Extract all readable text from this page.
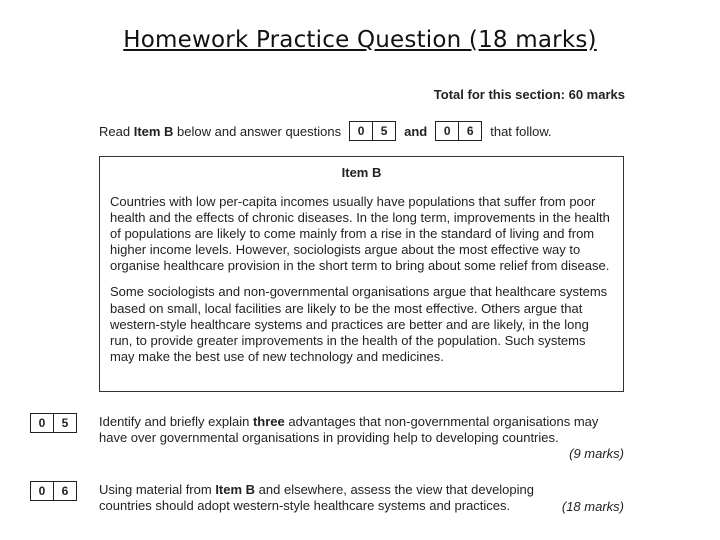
Homework Practice Question (18 marks)
Total for this section: 60 marks
Read Item B below and answer questions	0	5	and	0	6	that follow.
Item B

Countries with low per-capita incomes usually have populations that suffer from poor health and the effects of chronic diseases. In the long term, improvements in the health of populations are likely to come mainly from a rise in the standard of living and from higher income levels. However, sociologists argue about the most effective way to organise healthcare provision in the short term to bring about some relief from disease.

Some sociologists and non-governmental organisations argue that healthcare systems based on small, local facilities are likely to be the most effective. Others argue that western-style healthcare systems and practices are better and are likely, in the long run, to provide greater improvements in the health of the population. Such systems may make the best use of new technology and medicines.

0	5	Identify and briefly explain three advantages that non-governmental organisations may have over governmental organisations in providing help to developing countries.
(9 marks)
0	6	Using material from Item B and elsewhere, assess the view that developing countries should adopt western-style healthcare systems and practices.	(18 marks)
